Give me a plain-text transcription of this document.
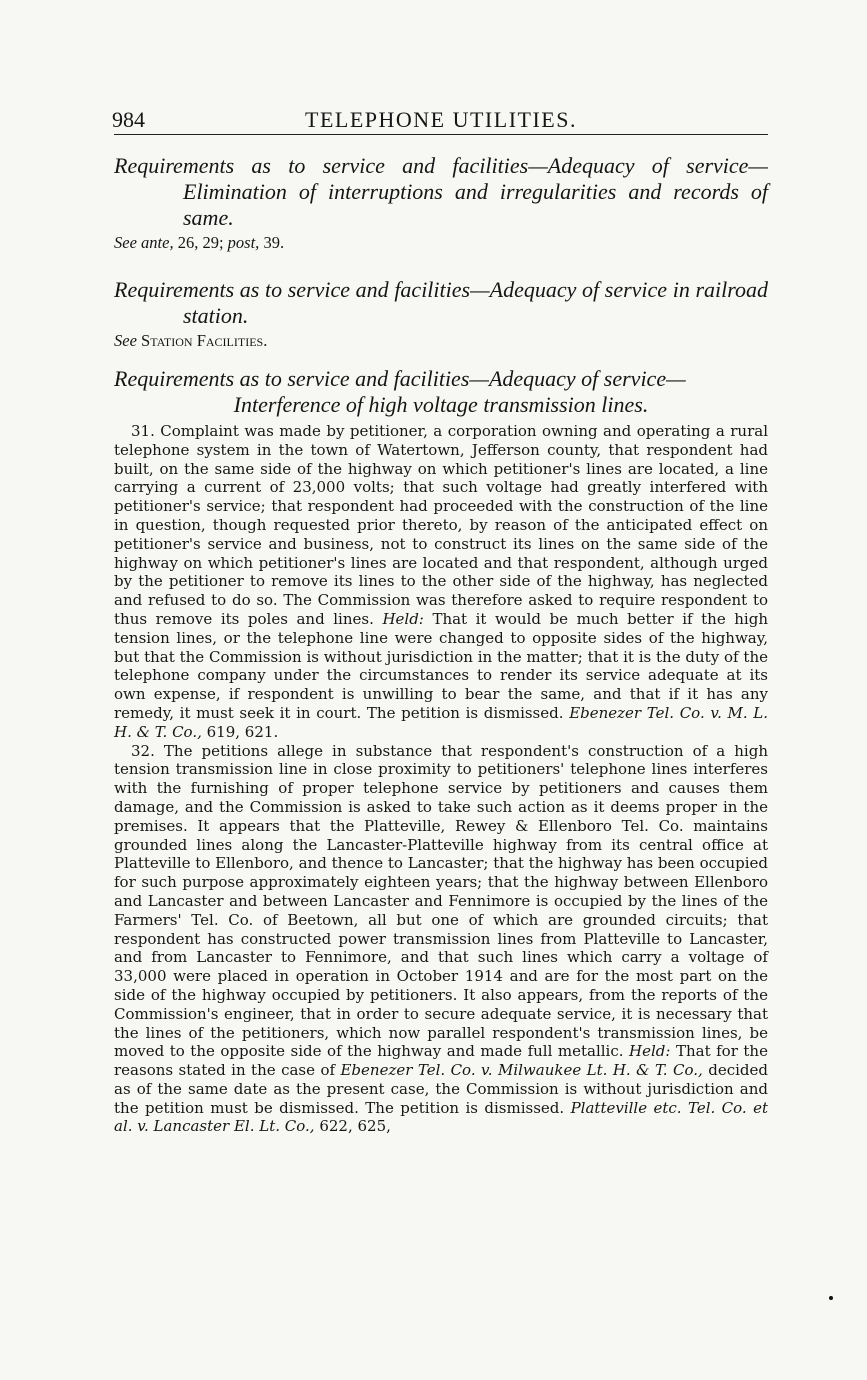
984	TELEPHONE UTILITIES.

Requirements as to service and facilities—Adequacy of service— Elimination of interruptions and irregularities and records of same.

See ante, 26, 29; post, 39.

Requirements as to service and facilities—Adequacy of service in railroad station.

See Station Facilities.

Requirements as to service and facilities—Adequacy of service—

Interference of high voltage transmission lines.

31. Complaint was made by petitioner, a corporation owning and operating a rural telephone system in the town of Watertown, Jefferson county, that respondent had built, on the same side of the highway on which petitioner's lines are located, a line carrying a current of 23,000 volts; that such voltage had greatly interfered with petitioner's service; that respondent had proceeded with the construction of the line in question, though requested prior thereto, by reason of the anticipated effect on petitioner's service and business, not to construct its lines on the same side of the highway on which petitioner's lines are located and that respondent, although urged by the petitioner to remove its lines to the other side of the highway, has neglected and refused to do so. The Commission was therefore asked to require respondent to thus remove its poles and lines. Held: That it would be much better if the high tension lines, or the telephone line were changed to opposite sides of the highway, but that the Commission is without jurisdiction in the matter; that it is the duty of the telephone company under the circumstances to render its service adequate at its own expense, if respondent is unwilling to bear the same, and that if it has any remedy, it must seek it in court. The petition is dismissed. Ebenezer Tel. Co. v. M. L. H. & T. Co., 619, 621.

32. The petitions allege in substance that respondent's construction of a high tension transmission line in close proximity to petitioners' telephone lines interferes with the furnishing of proper telephone service by petitioners and causes them damage, and the Commission is asked to take such action as it deems proper in the premises. It appears that the Platteville, Rewey & Ellenboro Tel. Co. maintains grounded lines along the Lancaster-Platteville highway from its central office at Platteville to Ellenboro, and thence to Lancaster; that the highway has been occupied for such purpose approximately eighteen years; that the highway between Ellenboro and Lancaster and between Lancaster and Fennimore is occupied by the lines of the Farmers' Tel. Co. of Beetown, all but one of which are grounded circuits; that respondent has constructed power transmission lines from Platteville to Lancaster, and from Lancaster to Fennimore, and that such lines which carry a voltage of 33,000 were placed in operation in October 1914 and are for the most part on the side of the highway occupied by petitioners. It also appears, from the reports of the Commission's engineer, that in order to secure adequate service, it is necessary that the lines of the petitioners, which now parallel respondent's transmission lines, be moved to the opposite side of the highway and made full metallic. Held: That for the reasons stated in the case of Ebenezer Tel. Co. v. Milwaukee Lt. H. & T. Co., decided as of the same date as the present case, the Commission is without jurisdiction and the petition must be dismissed. The petition is dismissed. Platteville etc. Tel. Co. et al. v. Lancaster El. Lt. Co., 622, 625,
